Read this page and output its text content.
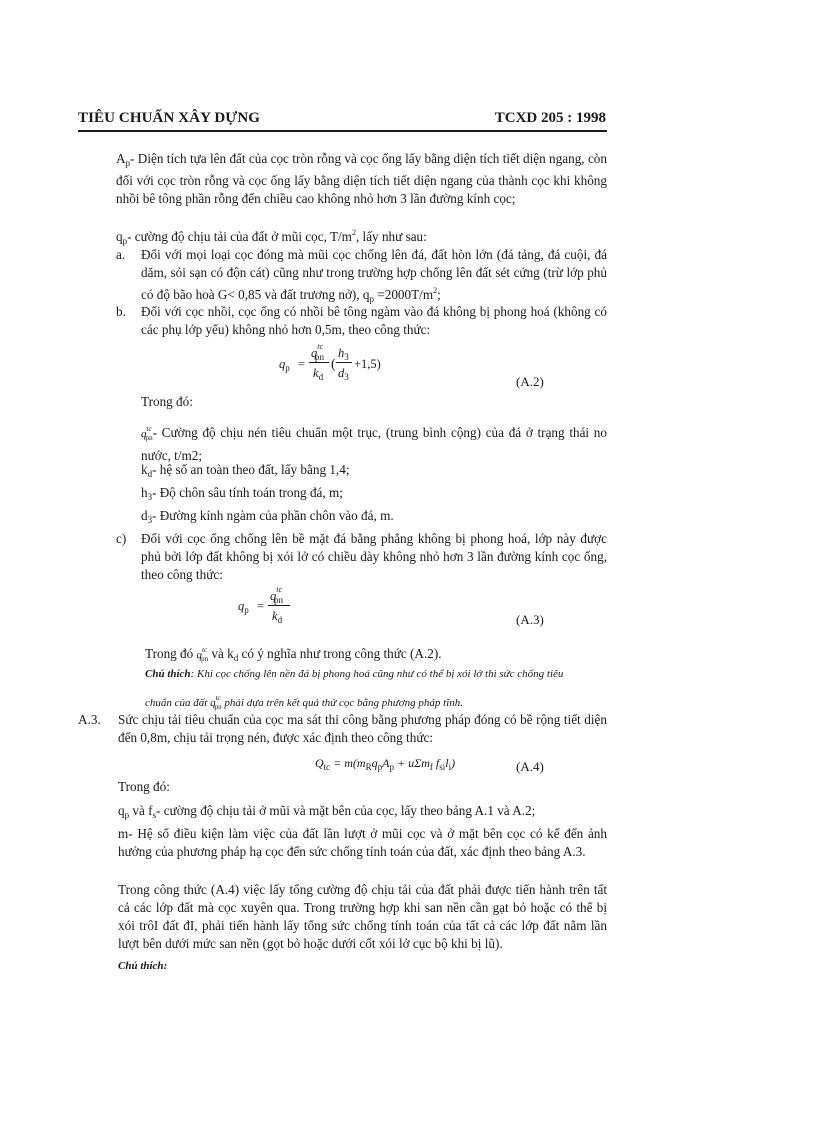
TIÊU CHUẨN XÂY DỰNG	TCXD 205 : 1998
$A_p-$ Diện tích tựa lên đất của cọc tròn rỗng và cọc ống lấy bằng diện tích tiết diện ngang, còn đối với cọc tròn rỗng và cọc ống lấy bằng diện tích tiết diện ngang của thành cọc khi không nhồi bê tông phần rỗng đến chiều cao không nhỏ hơn 3 lần đường kính cọc;
$q_p-$ cường độ chịu tải của đất ở mũi cọc, $T/m^2$, lấy như sau:
a. Đối với mọi loại cọc đóng mà mũi cọc chống lên đá, đất hòn lớn (đá tảng, đá cuội, đá dăm, sỏi sạn có độn cát) cũng như trong trường hợp chống lên đất sét cứng (trừ lớp phủ có độ bão hoà G< 0,85 và đất trương nở), $q_p =2000T/m^2$;
b. Đối với cọc nhồi, cọc ống có nhồi bê tông ngàm vào đá không bị phong hoá (không có các phụ lớp yếu) không nhỏ hơn 0,5m, theo công thức:
$q_p$ =
$q^{tc}_{pn}$
$k_d$
(
$h_3$
$d_3$
+1,5)
(A.2)
Trong đó:
$q^{tc}_{pn}-$ Cường độ chịu nén tiêu chuẩn một trục, (trung bình cộng) của đá ở trạng thái no nước, t/m2;
$k_d-$ hệ số an toàn theo đất, lấy bằng 1,4;
$h_3-$ Độ chôn sâu tính toán trong đá, m;
$d_3-$ Đường kính ngàm của phần chôn vào đá, m.
c) Đối với cọc ống chống lên bề mặt đá bằng phẳng không bị phong hoá, lớp này được phủ bởi lớp đất không bị xói lở có chiều dày không nhỏ hơn 3 lần đường kính cọc ống, theo công thức:
$q_p$ =
$q^{tc}_{pn}$
$k_d$	(A.3)
Trong đó $q^{tc}_{pn}$ và $k_d$ có ý nghĩa như trong công thức (A.2).
Chú thích: Khi cọc chống lên nền đá bị phong hoá cũng như có thể bị xói lở thì sức chống tiêu
chuẩn của đất $q^{tc}_{pn}$ phải dựa trên kết quả thử cọc bằng phương pháp tĩnh.
A.3. Sức chịu tải tiêu chuẩn của cọc ma sát thi công bằng phương pháp đóng có bề rộng tiết diện đến 0,8m, chịu tải trọng nén, được xác định theo công thức:
$Q_{tc} = m(m_Rq_pA_p + u\Sigma m_f$ $f_{si}l_i$)	(A.4)
Trong đó:
$q_p$ và $f_s-$ cường độ chịu tải ở mũi và mặt bên của cọc, lấy theo bảng A.1 và A.2;
m- Hệ số điều kiện làm việc của đất lần lượt ở mũi cọc và ở mặt bên cọc có kể đến ảnh hưởng của phương pháp hạ cọc đến sức chống tính toán của đất, xác định theo bảng A.3.
Trong công thức (A.4) việc lấy tổng cường độ chịu tải của đất phải được tiến hành trên tất cả các lớp đất mà cọc xuyên qua. Trong trường hợp khi san nền cần gạt bỏ hoặc có thể bị xói trôI đất đI, phải tiến hành lấy tổng sức chống tính toán của tất cả các lớp đất nằm lần lượt bên dưới mức san nền (gọt bỏ hoặc dưới cốt xói lở cục bộ khi bị lũ).
Chú thích:
